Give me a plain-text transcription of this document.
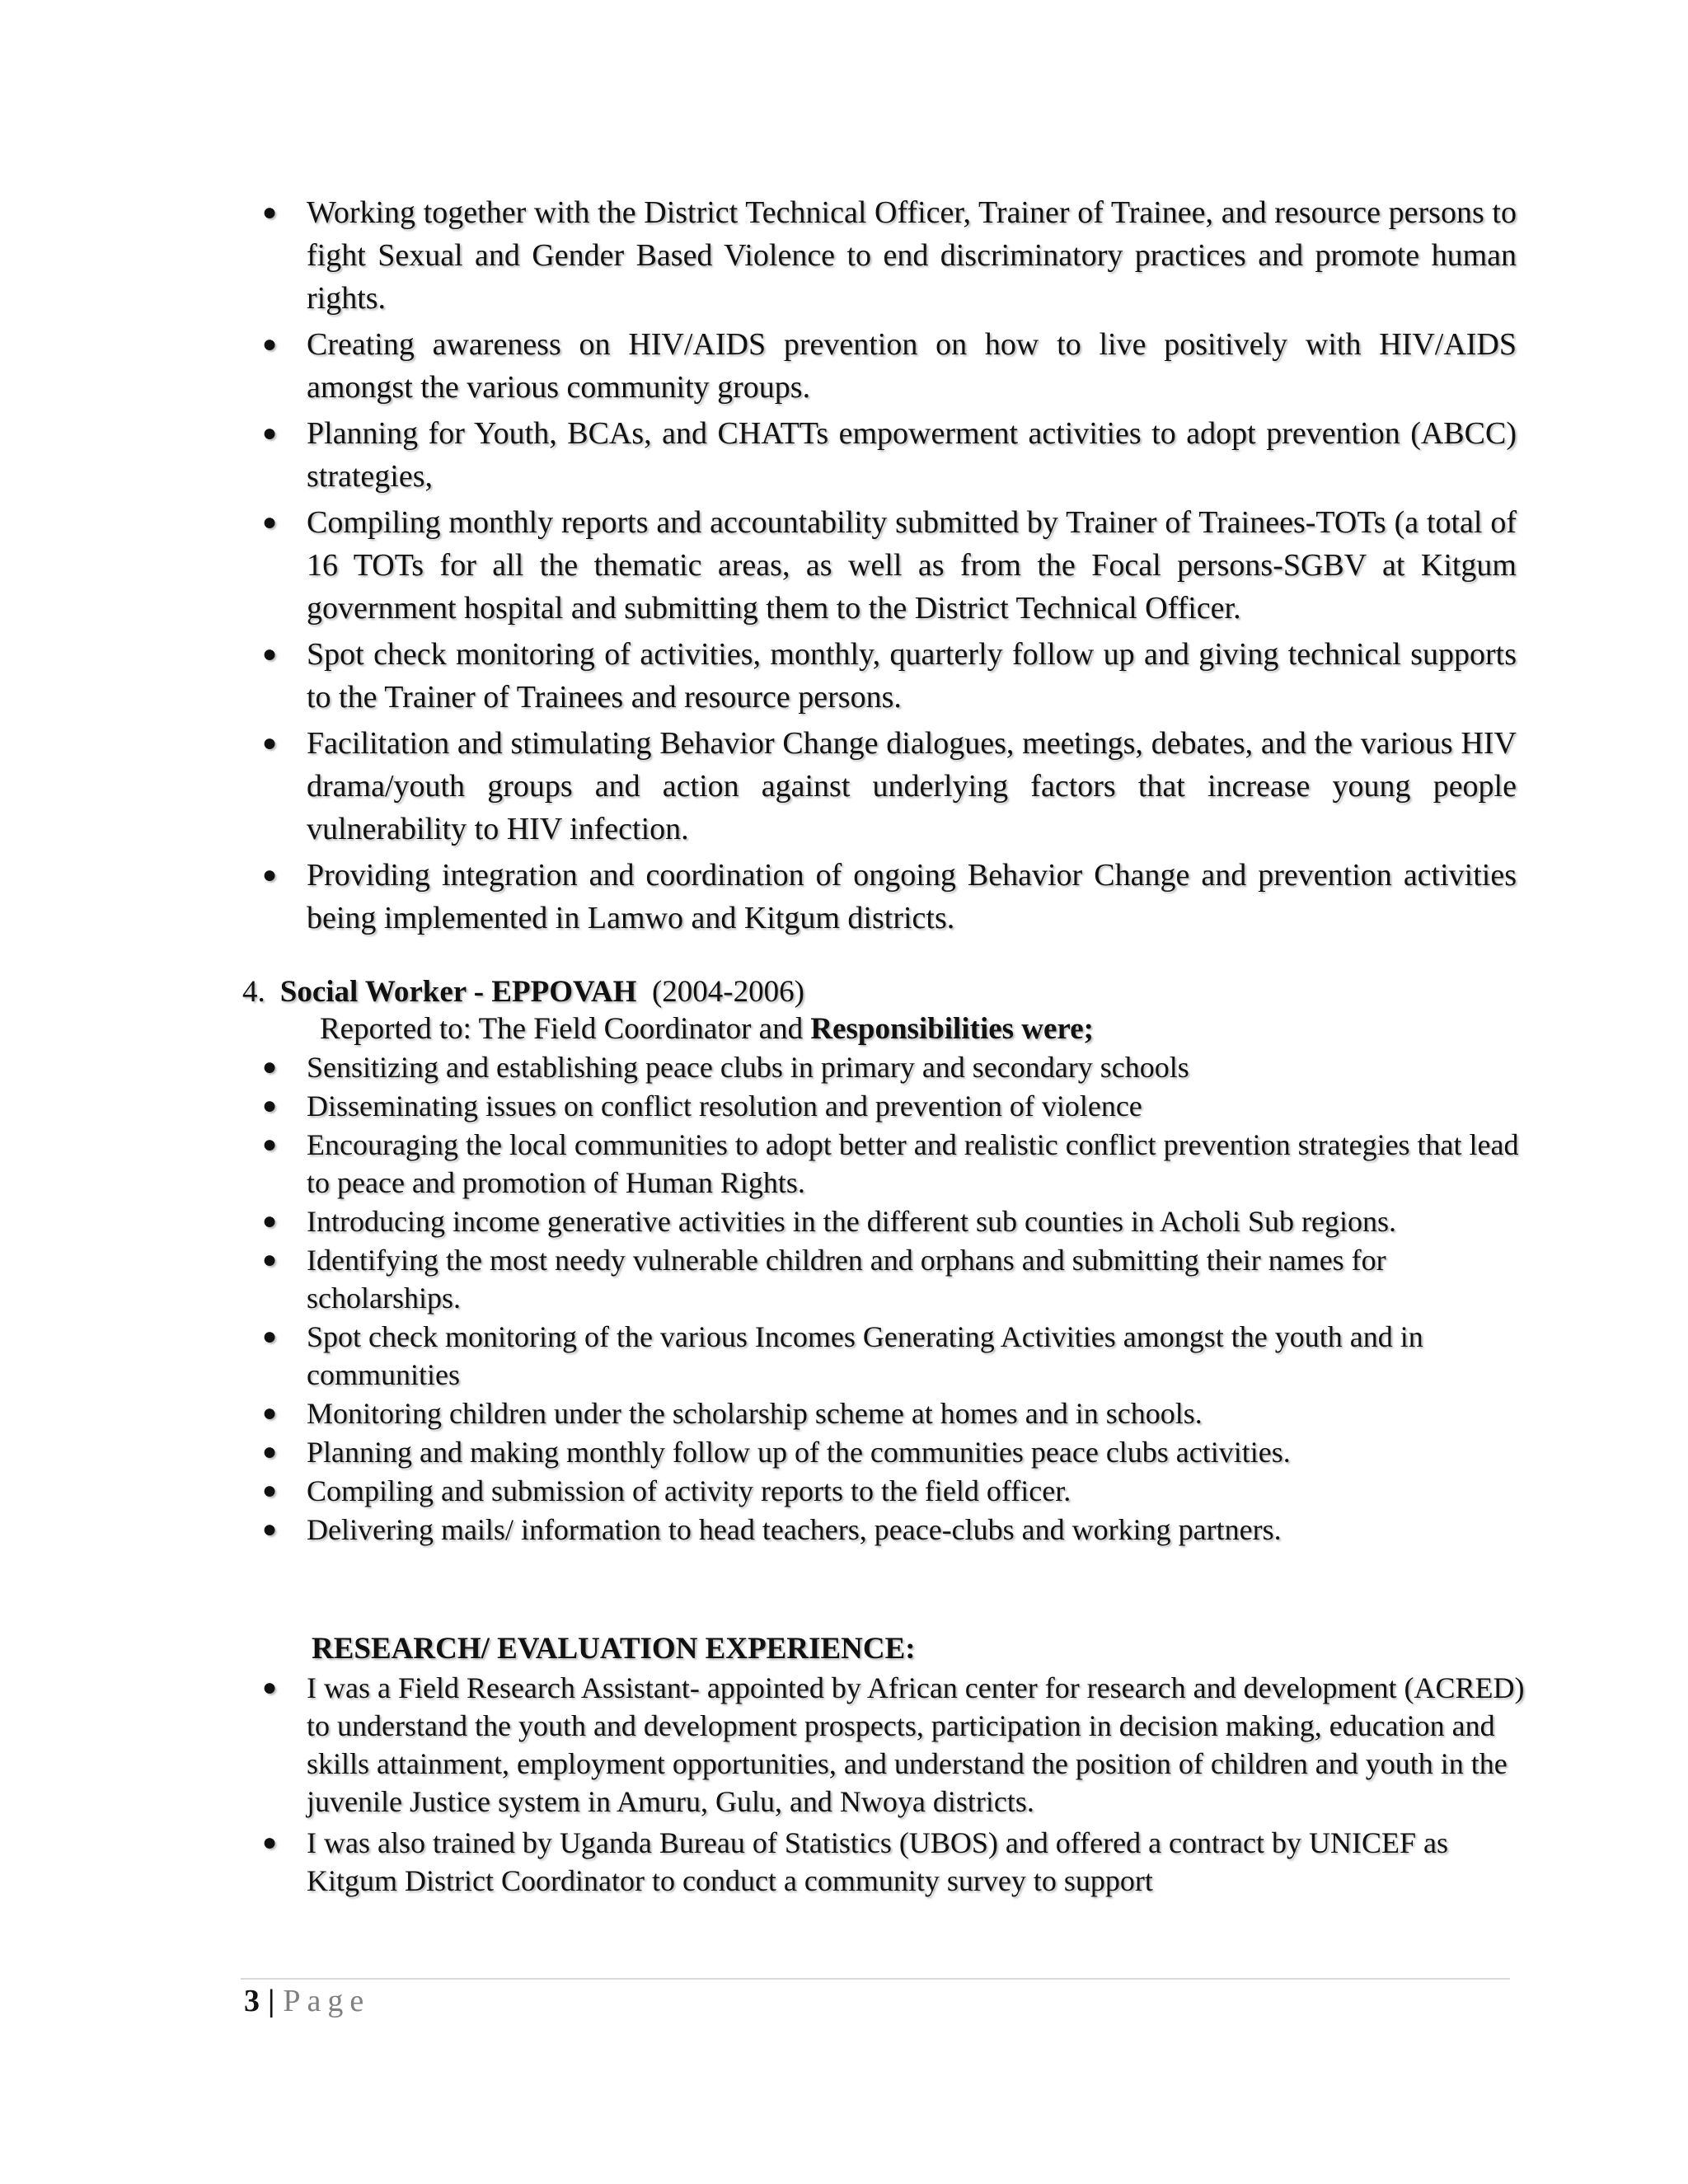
● Working together with the District Technical Officer, Trainer of Trainee, and resource persons to fight Sexual and Gender Based Violence to end discriminatory practices and promote human rights.
● Creating awareness on HIV/AIDS prevention on how to live positively with HIV/AIDS amongst the various community groups.
● Planning for Youth, BCAs, and CHATTs empowerment activities to adopt prevention (ABCC) strategies,
● Compiling monthly reports and accountability submitted by Trainer of Trainees-TOTs (a total of 16 TOTs for all the thematic areas, as well as from the Focal persons-SGBV at Kitgum government hospital and submitting them to the District Technical Officer.
● Spot check monitoring of activities, monthly, quarterly follow up and giving technical supports to the Trainer of Trainees and resource persons.
● Facilitation and stimulating Behavior Change dialogues, meetings, debates, and the various HIV drama/youth groups and action against underlying factors that increase young people vulnerability to HIV infection.
● Providing integration and coordination of ongoing Behavior Change and prevention activities being implemented in Lamwo and Kitgum districts.
4. Social Worker - EPPOVAH (2004-2006)
Reported to: The Field Coordinator and Responsibilities were;
● Sensitizing and establishing peace clubs in primary and secondary schools
● Disseminating issues on conflict resolution and prevention of violence
● Encouraging the local communities to adopt better and realistic conflict prevention strategies that lead to peace and promotion of Human Rights.
● Introducing income generative activities in the different sub counties in Acholi Sub regions.
● Identifying the most needy vulnerable children and orphans and submitting their names for scholarships.
● Spot check monitoring of the various Incomes Generating Activities amongst the youth and in communities
● Monitoring children under the scholarship scheme at homes and in schools.
● Planning and making monthly follow up of the communities peace clubs activities.
● Compiling and submission of activity reports to the field officer.
● Delivering mails/ information to head teachers, peace-clubs and working partners.
RESEARCH/ EVALUATION EXPERIENCE:
● I was a Field Research Assistant- appointed by African center for research and development (ACRED) to understand the youth and development prospects, participation in decision making, education and skills attainment, employment opportunities, and understand the position of children and youth in the juvenile Justice system in Amuru, Gulu, and Nwoya districts.
● I was also trained by Uganda Bureau of Statistics (UBOS) and offered a contract by UNICEF as Kitgum District Coordinator to conduct a community survey to support
3 | Page
